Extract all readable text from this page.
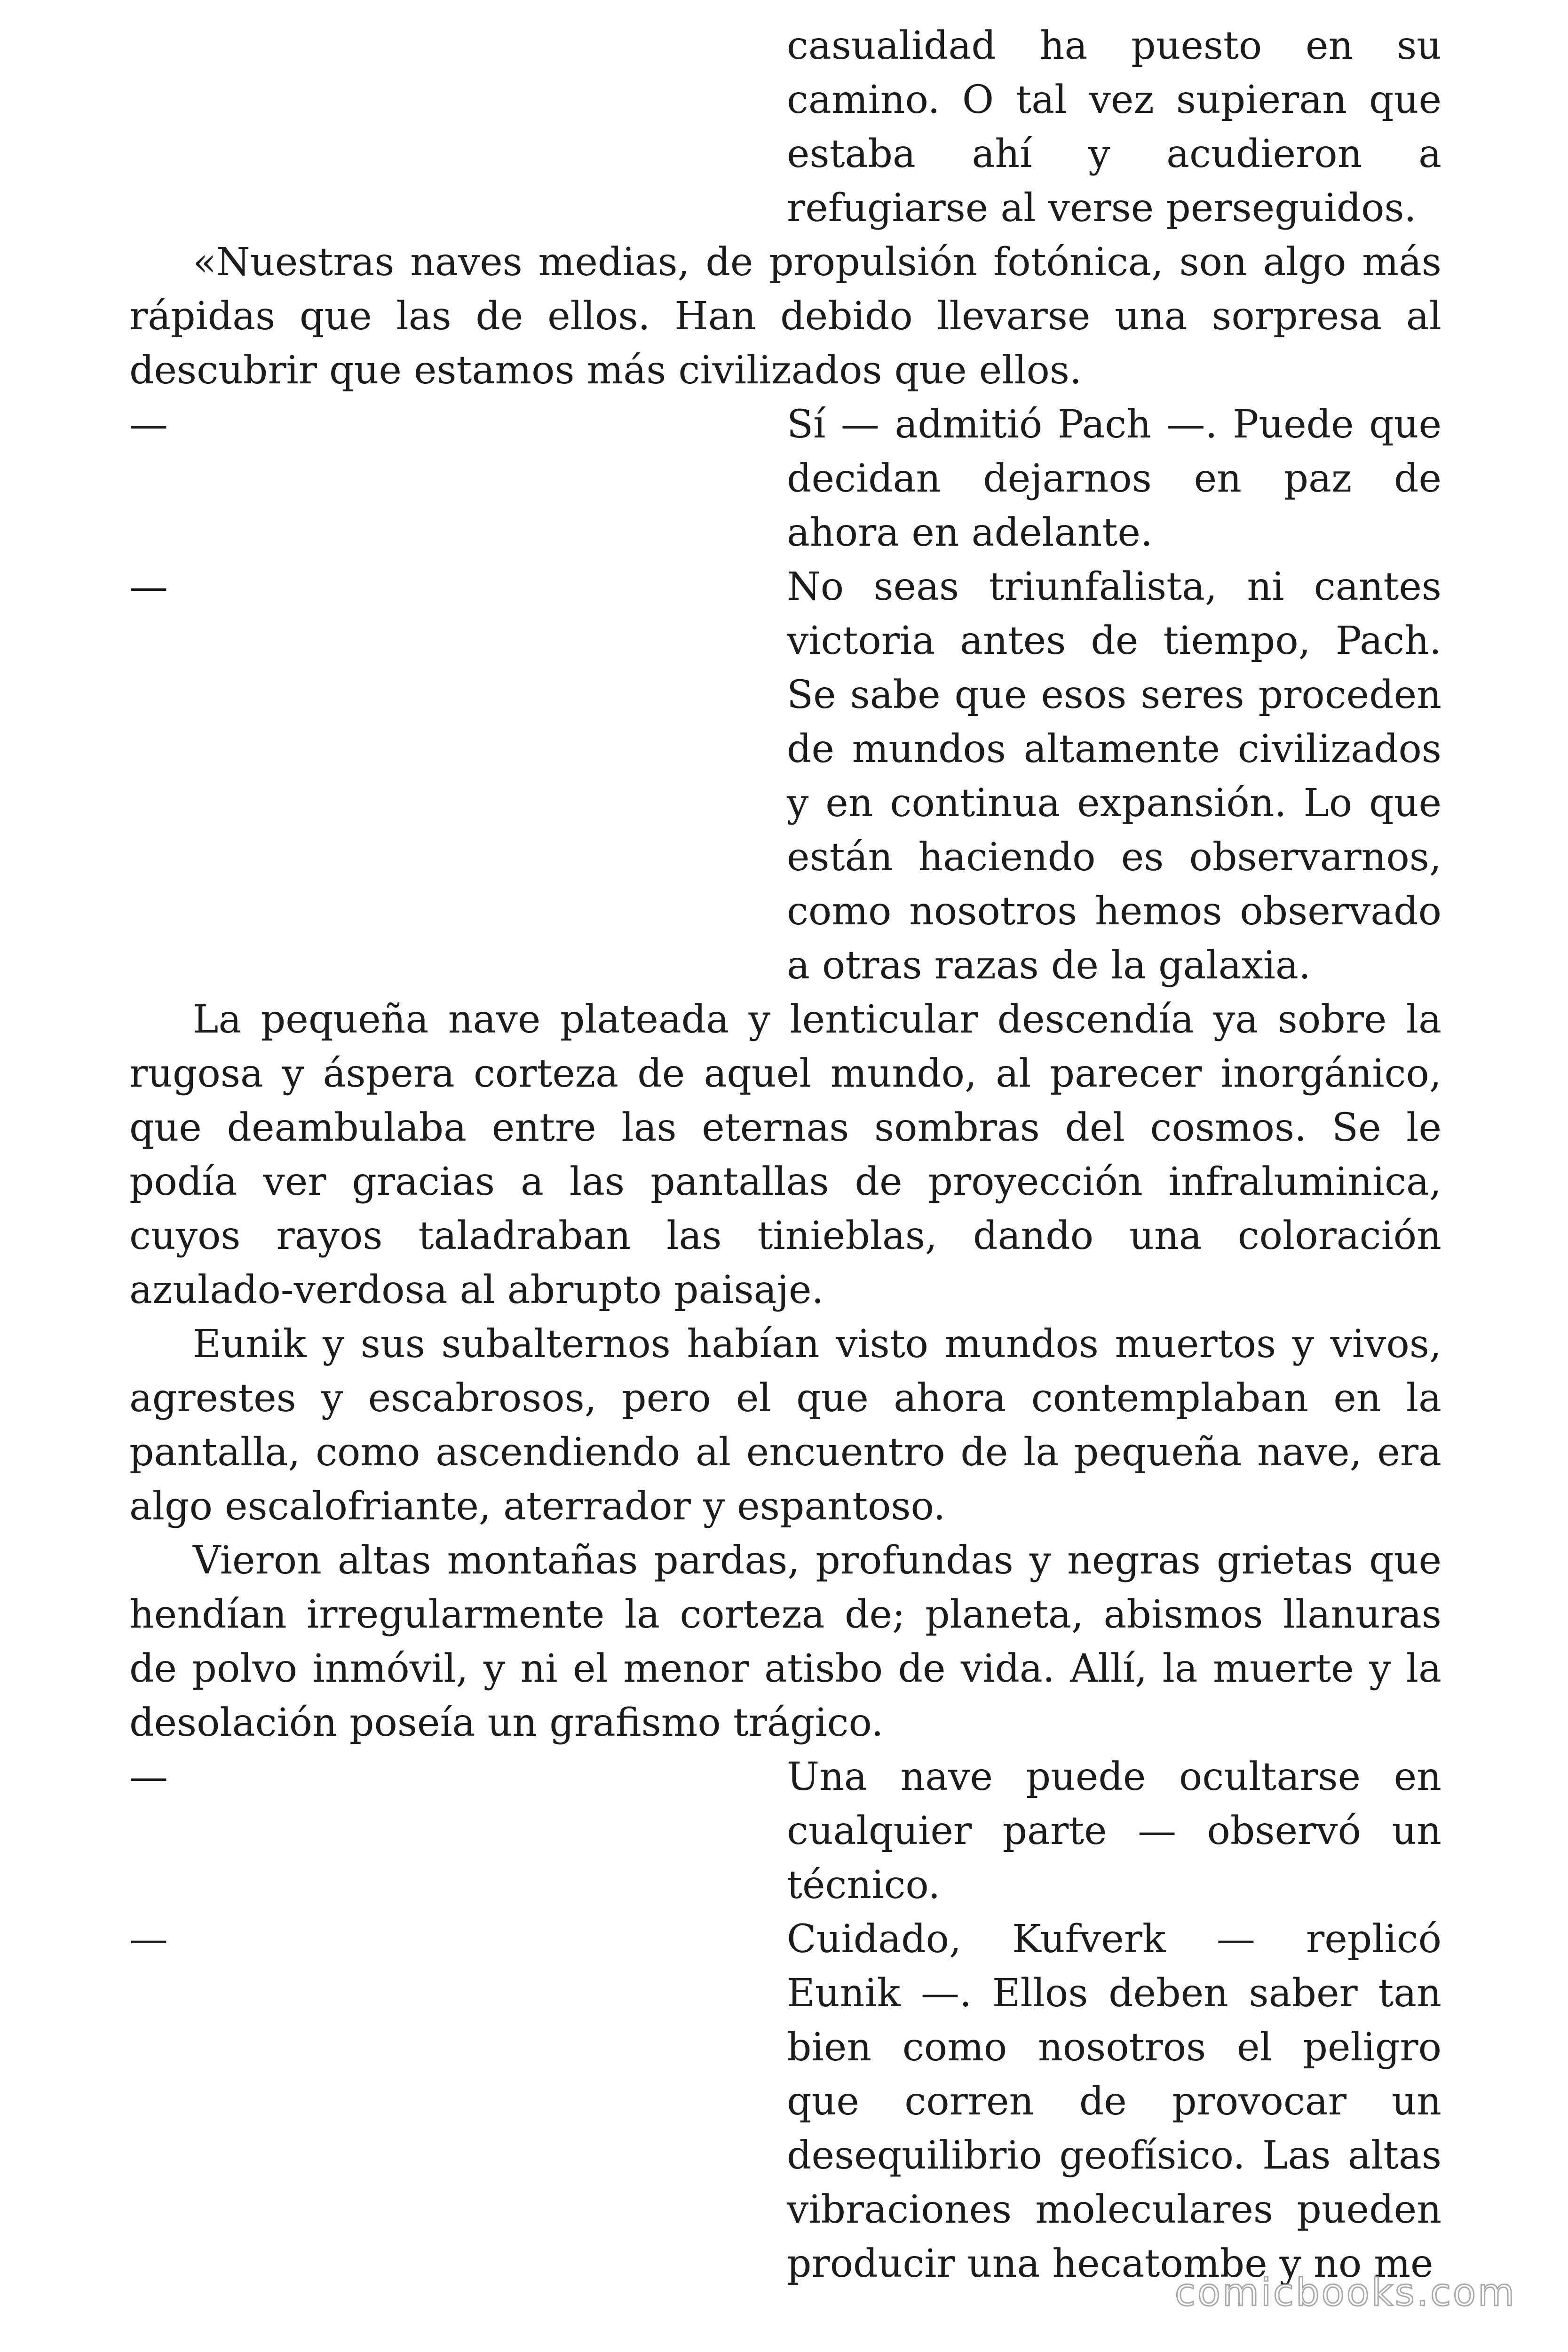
casualidad ha puesto en su camino. O tal vez supieran que estaba ahí y acudieron a refugiarse al verse perseguidos.

«Nuestras naves medias, de propulsión fotónica, son algo más rápidas que las de ellos. Han debido llevarse una sorpresa al descubrir que estamos más civilizados que ellos.

—	Sí — admitió Pach —. Puede que decidan dejarnos en paz de ahora en adelante.
—	No seas triunfalista, ni cantes victoria antes de tiempo, Pach. Se sabe que esos seres proceden de mundos altamente civilizados y en continua expansión. Lo que están haciendo es observarnos, como nosotros hemos observado a otras razas de la galaxia.

La pequeña nave plateada y lenticular descendía ya sobre la rugosa y áspera corteza de aquel mundo, al parecer inorgánico, que deambulaba entre las eternas sombras del cosmos. Se le podía ver gracias a las pantallas de proyección infraluminica, cuyos rayos taladraban las tinieblas, dando una coloración azulado-verdosa al abrupto paisaje.

Eunik y sus subalternos habían visto mundos muertos y vivos, agrestes y escabrosos, pero el que ahora contemplaban en la pantalla, como ascendiendo al encuentro de la pequeña nave, era algo escalofriante, aterrador y espantoso.

Vieron altas montañas pardas, profundas y negras grietas que hendían irregularmente la corteza de; planeta, abismos llanuras de polvo inmóvil, y ni el menor atisbo de vida. Allí, la muerte y la desolación poseía un grafismo trágico.

—	Una nave puede ocultarse en cualquier parte — observó un técnico.
—	Cuidado, Kufverk — replicó Eunik —. Ellos deben saber tan bien como nosotros el peligro que corren de provocar un desequilibrio geofísico. Las altas vibraciones moleculares pueden producir una hecatombe y no me
comicbooks.com
